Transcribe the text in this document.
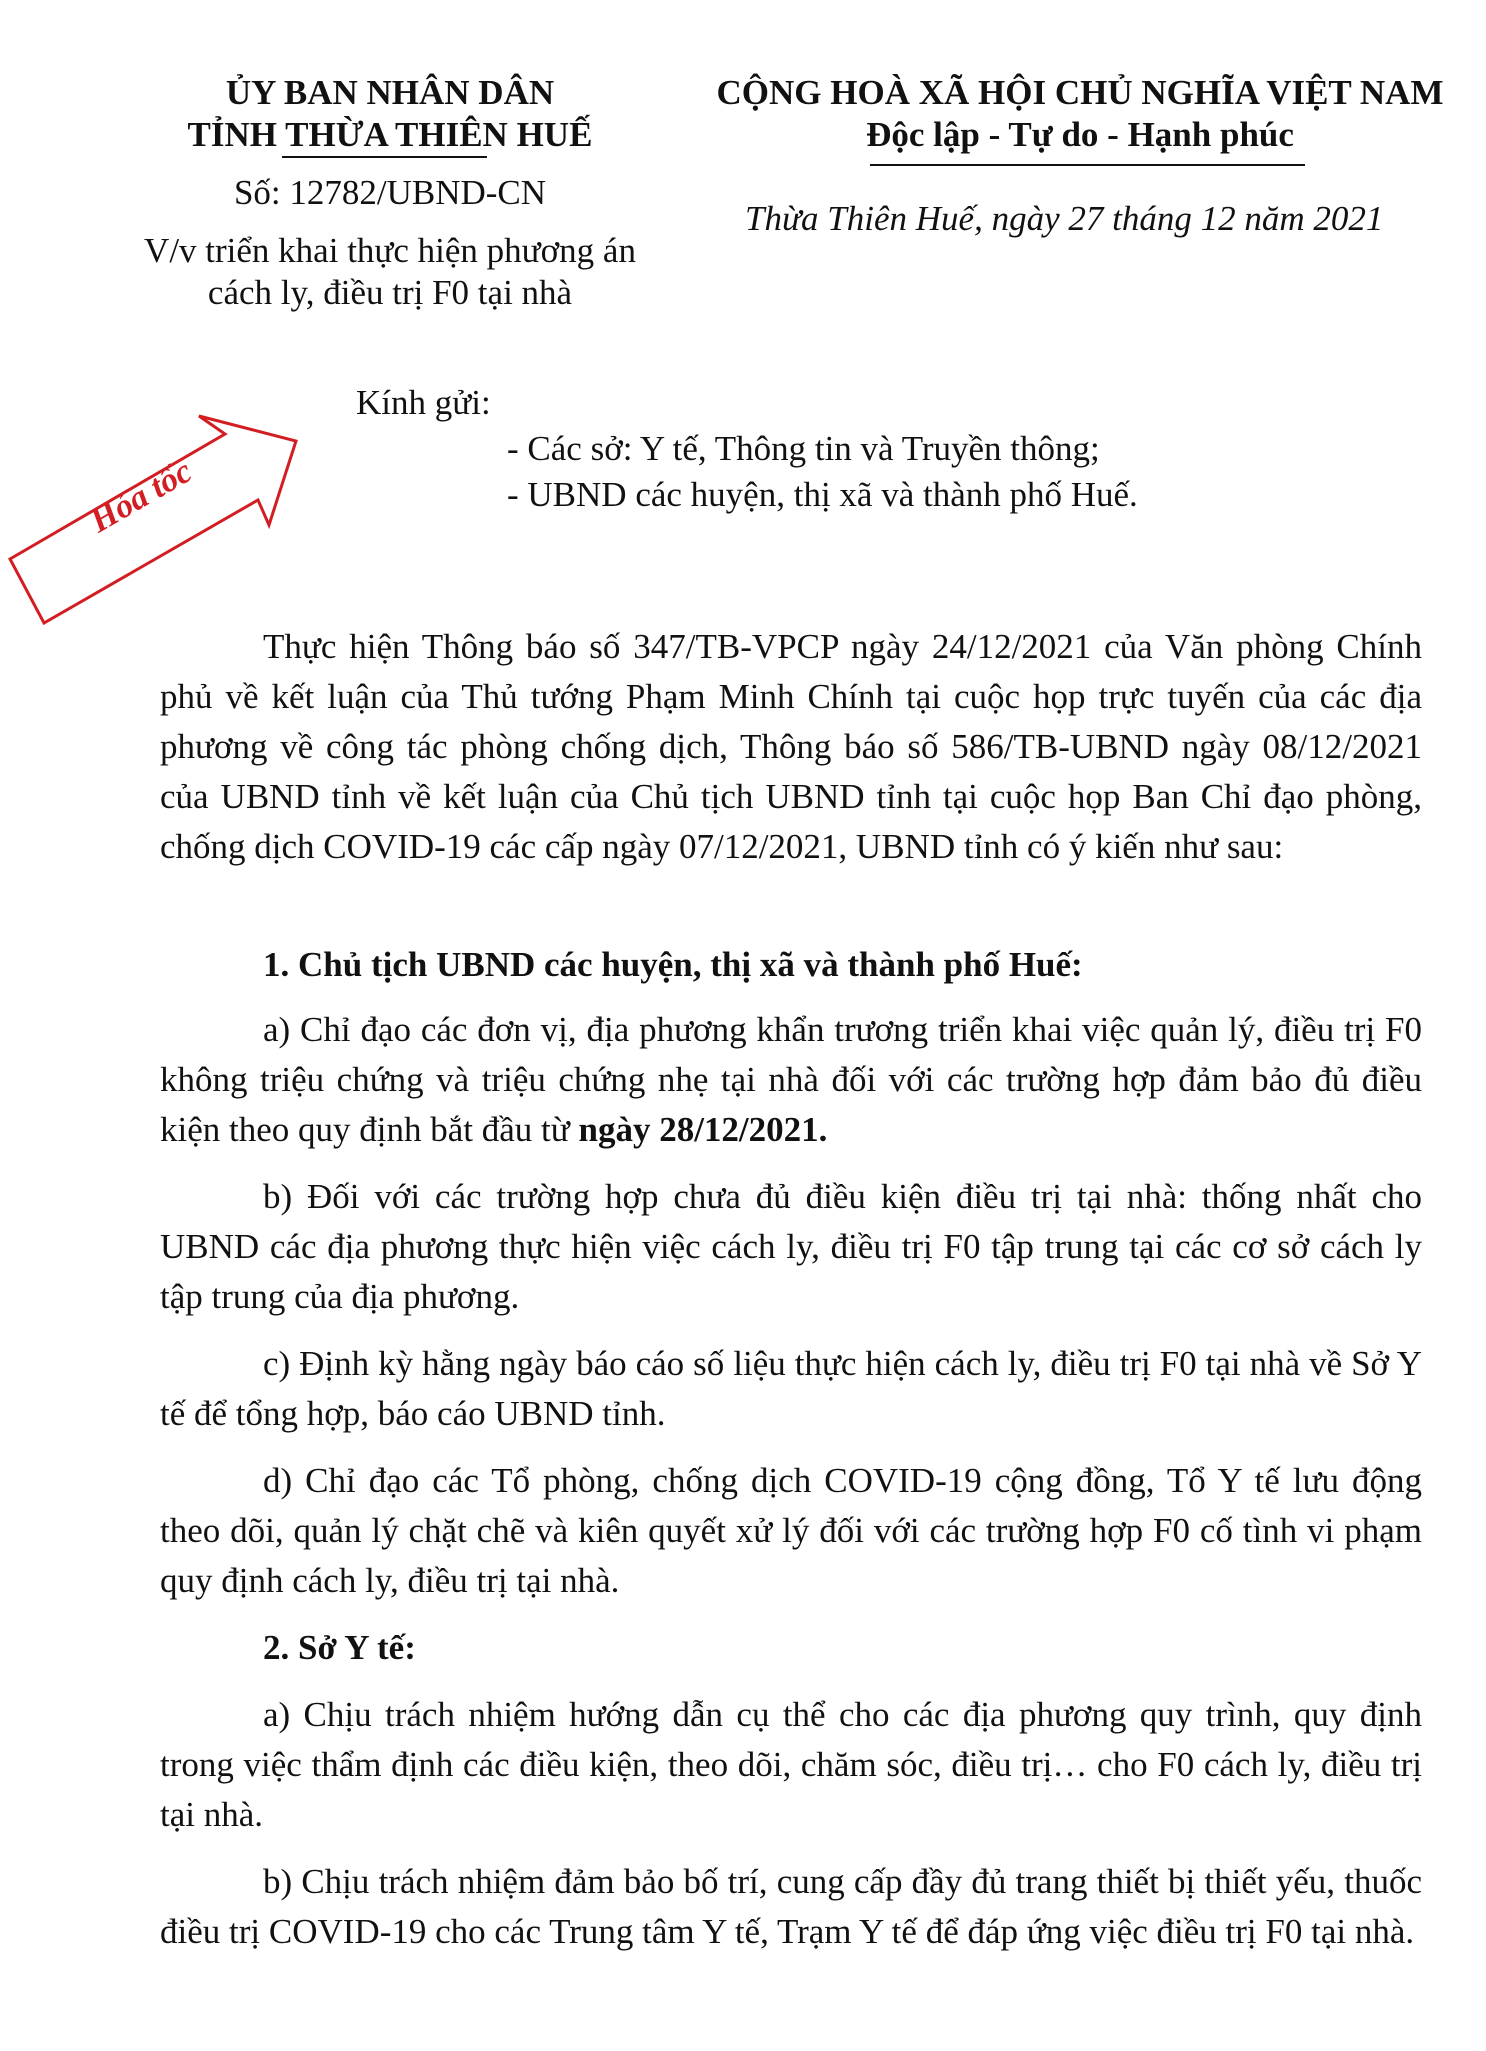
ỦY BAN NHÂN DÂN
TỈNH THỪA THIÊN HUẾ
Số: 12782/UBND-CN
V/v triển khai thực hiện phương án
cách ly, điều trị F0 tại nhà
CỘNG HOÀ XÃ HỘI CHỦ NGHĨA VIỆT NAM
Độc lập - Tự do - Hạnh phúc
Thừa Thiên Huế, ngày 27 tháng 12 năm 2021
Hỏa tốc
Kính gửi:
- Các sở: Y tế, Thông tin và Truyền thông;
- UBND các huyện, thị xã và thành phố Huế.

Thực hiện Thông báo số 347/TB-VPCP ngày 24/12/2021 của Văn phòng Chính phủ về kết luận của Thủ tướng Phạm Minh Chính tại cuộc họp trực tuyến của các địa phương về công tác phòng chống dịch, Thông báo số 586/TB-UBND ngày 08/12/2021 của UBND tỉnh về kết luận của Chủ tịch UBND tỉnh tại cuộc họp Ban Chỉ đạo phòng, chống dịch COVID-19 các cấp ngày 07/12/2021, UBND tỉnh có ý kiến như sau:

1. Chủ tịch UBND các huyện, thị xã và thành phố Huế:

a) Chỉ đạo các đơn vị, địa phương khẩn trương triển khai việc quản lý, điều trị F0 không triệu chứng và triệu chứng nhẹ tại nhà đối với các trường hợp đảm bảo đủ điều kiện theo quy định bắt đầu từ ngày 28/12/2021.

b) Đối với các trường hợp chưa đủ điều kiện điều trị tại nhà: thống nhất cho UBND các địa phương thực hiện việc cách ly, điều trị F0 tập trung tại các cơ sở cách ly tập trung của địa phương.

c) Định kỳ hằng ngày báo cáo số liệu thực hiện cách ly, điều trị F0 tại nhà về Sở Y tế để tổng hợp, báo cáo UBND tỉnh.

d) Chỉ đạo các Tổ phòng, chống dịch COVID-19 cộng đồng, Tổ Y tế lưu động theo dõi, quản lý chặt chẽ và kiên quyết xử lý đối với các trường hợp F0 cố tình vi phạm quy định cách ly, điều trị tại nhà.

2. Sở Y tế:

a) Chịu trách nhiệm hướng dẫn cụ thể cho các địa phương quy trình, quy định trong việc thẩm định các điều kiện, theo dõi, chăm sóc, điều trị… cho F0 cách ly, điều trị tại nhà.

b) Chịu trách nhiệm đảm bảo bố trí, cung cấp đầy đủ trang thiết bị thiết yếu, thuốc điều trị COVID-19 cho các Trung tâm Y tế, Trạm Y tế để đáp ứng việc điều trị F0 tại nhà.
